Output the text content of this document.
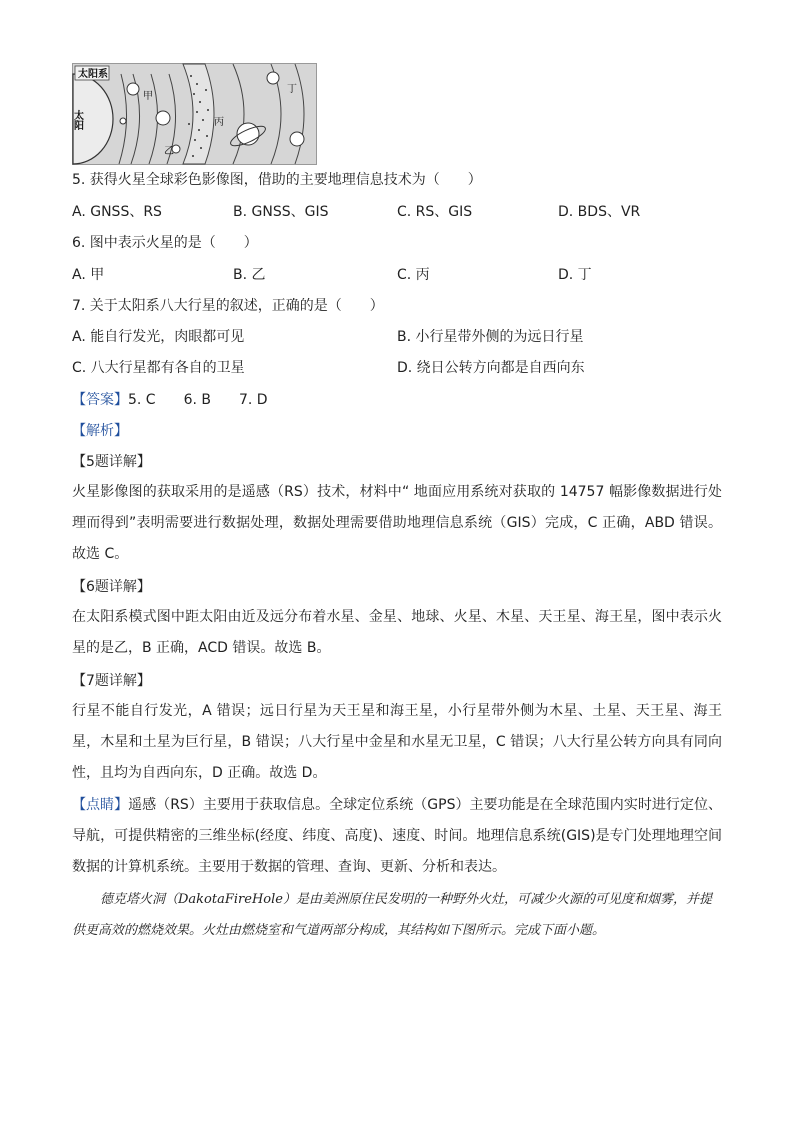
太阳系
太阳
甲
乙
丙
丁
5. 获得火星全球彩色影像图，借助的主要地理信息技术为（　　）
A. GNSS、RS	B. GNSS、GIS	C. RS、GIS	D. BDS、VR
6. 图中表示火星的是（　　）
A. 甲	B. 乙	C. 丙	D. 丁
7. 关于太阳系八大行星的叙述，正确的是（　　）
A. 能自行发光，肉眼都可见	B. 小行星带外侧的为远日行星
C. 八大行星都有各自的卫星	D. 绕日公转方向都是自西向东
【答案】5. C　　6. B　　7. D
【解析】
【5题详解】
火星影像图的获取采用的是遥感（RS）技术，材料中“ 地面应用系统对获取的 14757 幅影像数据进行处理而得到”表明需要进行数据处理，数据处理需要借助地理信息系统（GIS）完成，C 正确，ABD 错误。故选 C。
【6题详解】
在太阳系模式图中距太阳由近及远分布着水星、金星、地球、火星、木星、天王星、海王星，图中表示火星的是乙，B 正确，ACD 错误。故选 B。
【7题详解】
行星不能自行发光，A 错误；远日行星为天王星和海王星，小行星带外侧为木星、土星、天王星、海王星，木星和土星为巨行星，B 错误；八大行星中金星和水星无卫星，C 错误；八大行星公转方向具有同向性，且均为自西向东，D 正确。故选 D。
【点睛】遥感（RS）主要用于获取信息。全球定位系统（GPS）主要功能是在全球范围内实时进行定位、导航，可提供精密的三维坐标(经度、纬度、高度)、速度、时间。地理信息系统(GIS)是专门处理地理空间数据的计算机系统。主要用于数据的管理、查询、更新、分析和表达。
德克塔火洞（DakotaFireHole）是由美洲原住民发明的一种野外火灶，可减少火源的可见度和烟雾，并提供更高效的燃烧效果。火灶由燃烧室和气道两部分构成，其结构如下图所示。完成下面小题。
